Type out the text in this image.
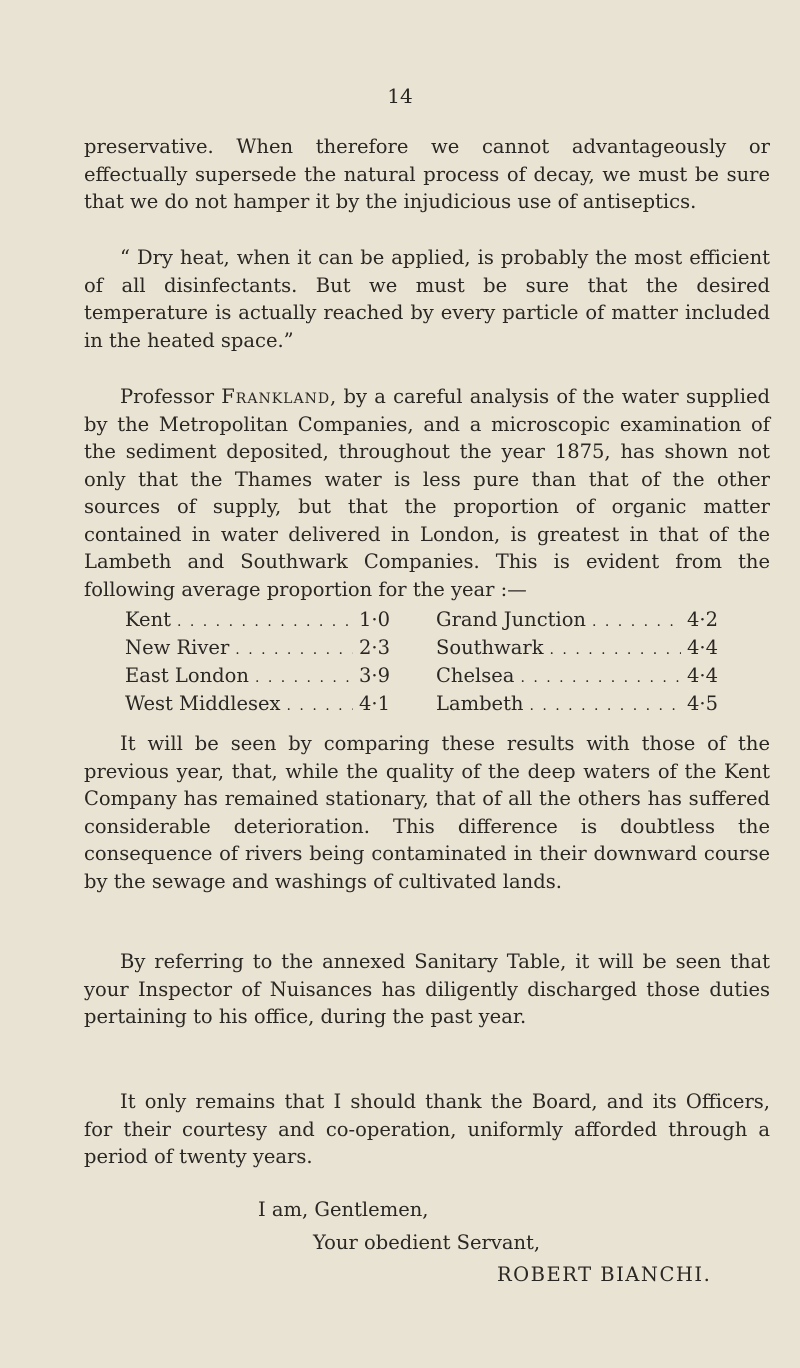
14

preservative. When therefore we cannot advantageously or effectually supersede the natural process of decay, we must be sure that we do not hamper it by the injudicious use of antiseptics.

“ Dry heat, when it can be applied, is probably the most efficient of all disinfectants. But we must be sure that the desired temperature is actually reached by every particle of matter included in the heated space.”

Professor Frankland, by a careful analysis of the water supplied by the Metropolitan Companies, and a microscopic examination of the sediment deposited, throughout the year 1875, has shown not only that the Thames water is less pure than that of the other sources of supply, but that the proportion of organic matter contained in water delivered in London, is greatest in that of the Lambeth and Southwark Companies. This is evident from the following average proportion for the year :—

Kent . . .	1·0 Grand Junction . . .	4·2
New River . . .	2·3 Southwark . . .	4·4
East London . . .	3·9 Chelsea . . .	4·4
West Middlesex . . .	4·1 Lambeth . . .	4·5

It will be seen by comparing these results with those of the previous year, that, while the quality of the deep waters of the Kent Company has remained stationary, that of all the others has suffered considerable deterioration. This difference is doubtless the consequence of rivers being contaminated in their downward course by the sewage and washings of cultivated lands.

By referring to the annexed Sanitary Table, it will be seen that your Inspector of Nuisances has diligently discharged those duties pertaining to his office, during the past year.

It only remains that I should thank the Board, and its Officers, for their courtesy and co-operation, uniformly afforded through a period of twenty years.

I am, Gentlemen,
Your obedient Servant,
ROBERT BIANCHI.
